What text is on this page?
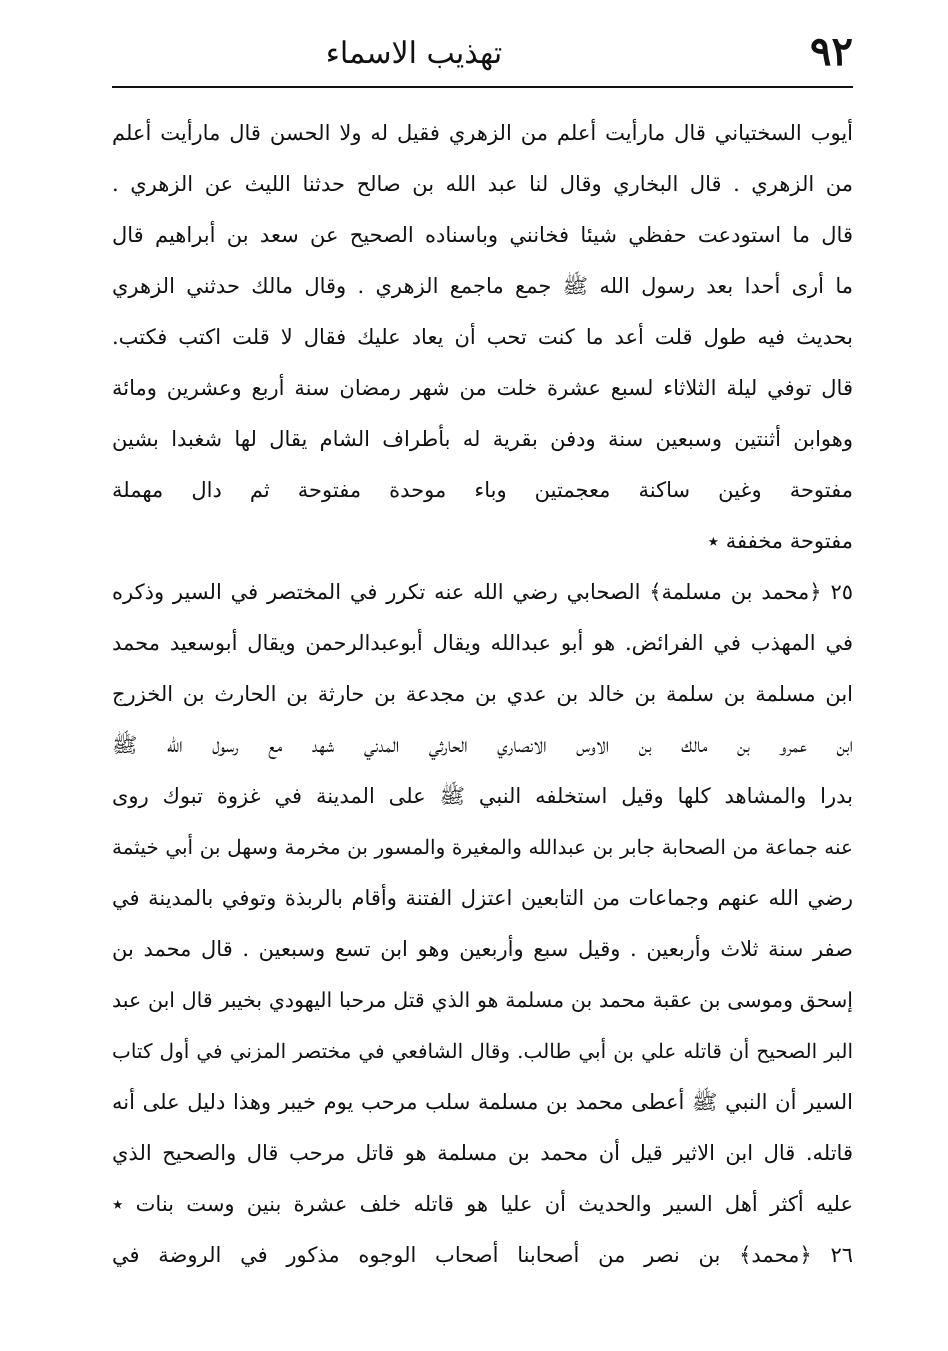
٩٢
تهذيب الاسماء
أيوب السختياني قال مارأيت أعلم من الزهري فقيل له ولا الحسن قال مارأيت أعلم
من الزهري . قال البخاري وقال لنا عبد الله بن صالح حدثنا الليث عن الزهري .
قال ما استودعت حفظي شيئا فخانني وباسناده الصحيح عن سعد بن أبراهيم قال
ما أرى أحدا بعد رسول الله ﷺ جمع ماجمع الزهري . وقال مالك حدثني الزهري
بحديث فيه طول قلت أعد ما كنت تحب أن يعاد عليك فقال لا قلت اكتب فكتب.
قال توفي ليلة الثلاثاء لسبع عشرة خلت من شهر رمضان سنة أربع وعشرين ومائة
وهوابن أثنتين وسبعين سنة ودفن بقرية له بأطراف الشام يقال لها شغبدا بشين
مفتوحة وغين ساكنة معجمتين وباء موحدة مفتوحة ثم دال مهملة
مفتوحة مخففة ٭
٢٥ ﴿محمد بن مسلمة﴾ الصحابي رضي الله عنه تكرر في المختصر في السير وذكره
في المهذب في الفرائض. هو أبو عبدالله ويقال أبوعبدالرحمن ويقال أبوسعيد محمد
ابن مسلمة بن سلمة بن خالد بن عدي بن مجدعة بن حارثة بن الحارث بن الخزرج
ابن عمرو بن مالك بن الاوس الانصاري الحارثي المدني شهد مع رسول الله ﷺ
بدرا والمشاهد كلها وقيل استخلفه النبي ﷺ على المدينة في غزوة تبوك روى
عنه جماعة من الصحابة جابر بن عبدالله والمغيرة والمسور بن مخرمة وسهل بن أبي خيثمة
رضي الله عنهم وجماعات من التابعين اعتزل الفتنة وأقام بالربذة وتوفي بالمدينة في
صفر سنة ثلاث وأربعين . وقيل سبع وأربعين وهو ابن تسع وسبعين . قال محمد بن
إسحق وموسى بن عقبة محمد بن مسلمة هو الذي قتل مرحبا اليهودي بخيبر قال ابن عبد
البر الصحيح أن قاتله علي بن أبي طالب. وقال الشافعي في مختصر المزني في أول كتاب
السير أن النبي ﷺ أعطى محمد بن مسلمة سلب مرحب يوم خيبر وهذا دليل على أنه
قاتله. قال ابن الاثير قيل أن محمد بن مسلمة هو قاتل مرحب قال والصحيح الذي
عليه أكثر أهل السير والحديث أن عليا هو قاتله خلف عشرة بنين وست بنات ٭
٢٦ ﴿محمد﴾ بن نصر من أصحابنا أصحاب الوجوه مذكور في الروضة في
